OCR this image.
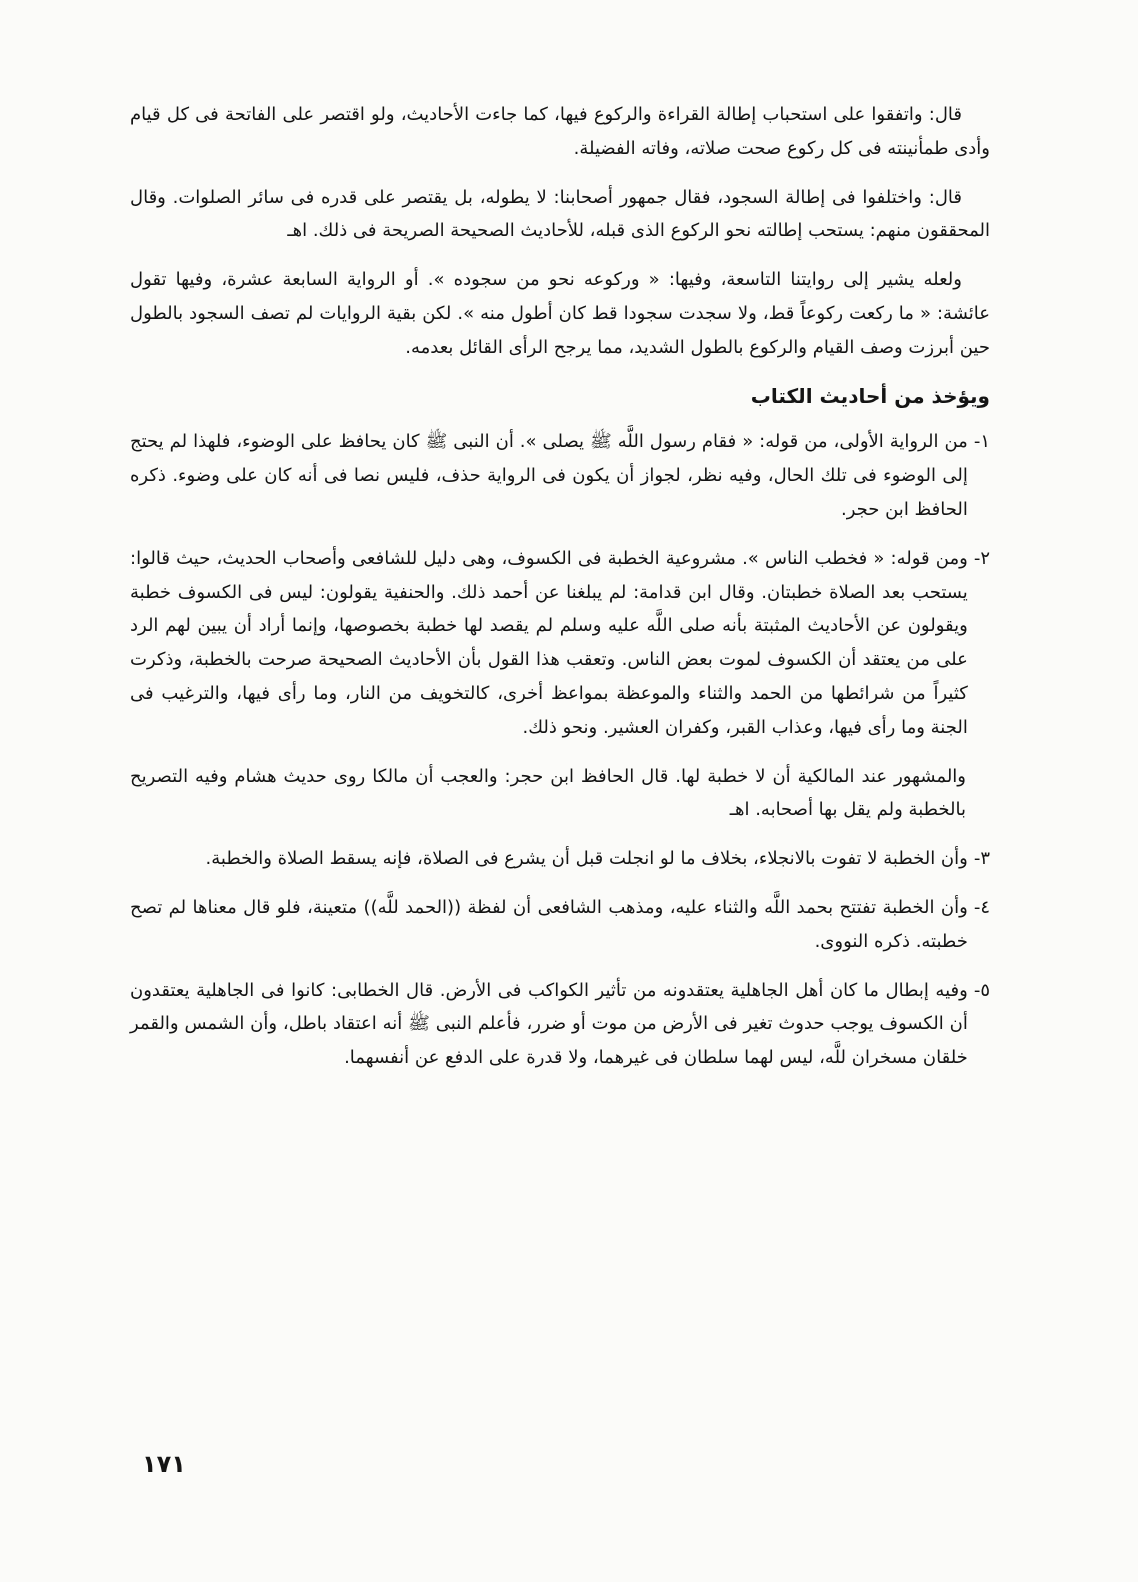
قال: واتفقوا على استحباب إطالة القراءة والركوع فيها، كما جاءت الأحاديث، ولو اقتصر على الفاتحة فى كل قيام وأدى طمأنينته فى كل ركوع صحت صلاته، وفاته الفضيلة.

قال: واختلفوا فى إطالة السجود، فقال جمهور أصحابنا: لا يطوله، بل يقتصر على قدره فى سائر الصلوات. وقال المحققون منهم: يستحب إطالته نحو الركوع الذى قبله، للأحاديث الصحيحة الصريحة فى ذلك. اهـ

ولعله يشير إلى روايتنا التاسعة، وفيها: « وركوعه نحو من سجوده ». أو الرواية السابعة عشرة، وفيها تقول عائشة: « ما ركعت ركوعاً قط، ولا سجدت سجودا قط كان أطول منه ». لكن بقية الروايات لم تصف السجود بالطول حين أبرزت وصف القيام والركوع بالطول الشديد، مما يرجح الرأى القائل بعدمه.

ويؤخذ من أحاديث الكتاب
١-
من الرواية الأولى، من قوله: « فقام رسول اللَّه ﷺ يصلى ». أن النبى ﷺ كان يحافظ على الوضوء، فلهذا لم يحتج إلى الوضوء فى تلك الحال، وفيه نظر، لجواز أن يكون فى الرواية حذف، فليس نصا فى أنه كان على وضوء. ذكره الحافظ ابن حجر.
٢-
ومن قوله: « فخطب الناس ». مشروعية الخطبة فى الكسوف، وهى دليل للشافعى وأصحاب الحديث، حيث قالوا: يستحب بعد الصلاة خطبتان. وقال ابن قدامة: لم يبلغنا عن أحمد ذلك. والحنفية يقولون: ليس فى الكسوف خطبة ويقولون عن الأحاديث المثبتة بأنه صلى اللَّه عليه وسلم لم يقصد لها خطبة بخصوصها، وإنما أراد أن يبين لهم الرد على من يعتقد أن الكسوف لموت بعض الناس. وتعقب هذا القول بأن الأحاديث الصحيحة صرحت بالخطبة، وذكرت كثيراً من شرائطها من الحمد والثناء والموعظة بمواعظ أخرى، كالتخويف من النار، وما رأى فيها، والترغيب فى الجنة وما رأى فيها، وعذاب القبر، وكفران العشير. ونحو ذلك.

والمشهور عند المالكية أن لا خطبة لها. قال الحافظ ابن حجر: والعجب أن مالكا روى حديث هشام وفيه التصريح بالخطبة ولم يقل بها أصحابه. اهـ

٣-
وأن الخطبة لا تفوت بالانجلاء، بخلاف ما لو انجلت قبل أن يشرع فى الصلاة، فإنه يسقط الصلاة والخطبة.
٤-
وأن الخطبة تفتتح بحمد اللَّه والثناء عليه، ومذهب الشافعى أن لفظة ((الحمد للَّه)) متعينة، فلو قال معناها لم تصح خطبته. ذكره النووى.
٥-
وفيه إبطال ما كان أهل الجاهلية يعتقدونه من تأثير الكواكب فى الأرض. قال الخطابى: كانوا فى الجاهلية يعتقدون أن الكسوف يوجب حدوث تغير فى الأرض من موت أو ضرر، فأعلم النبى ﷺ أنه اعتقاد باطل، وأن الشمس والقمر خلقان مسخران للَّه، ليس لهما سلطان فى غيرهما، ولا قدرة على الدفع عن أنفسهما.
١٧١
